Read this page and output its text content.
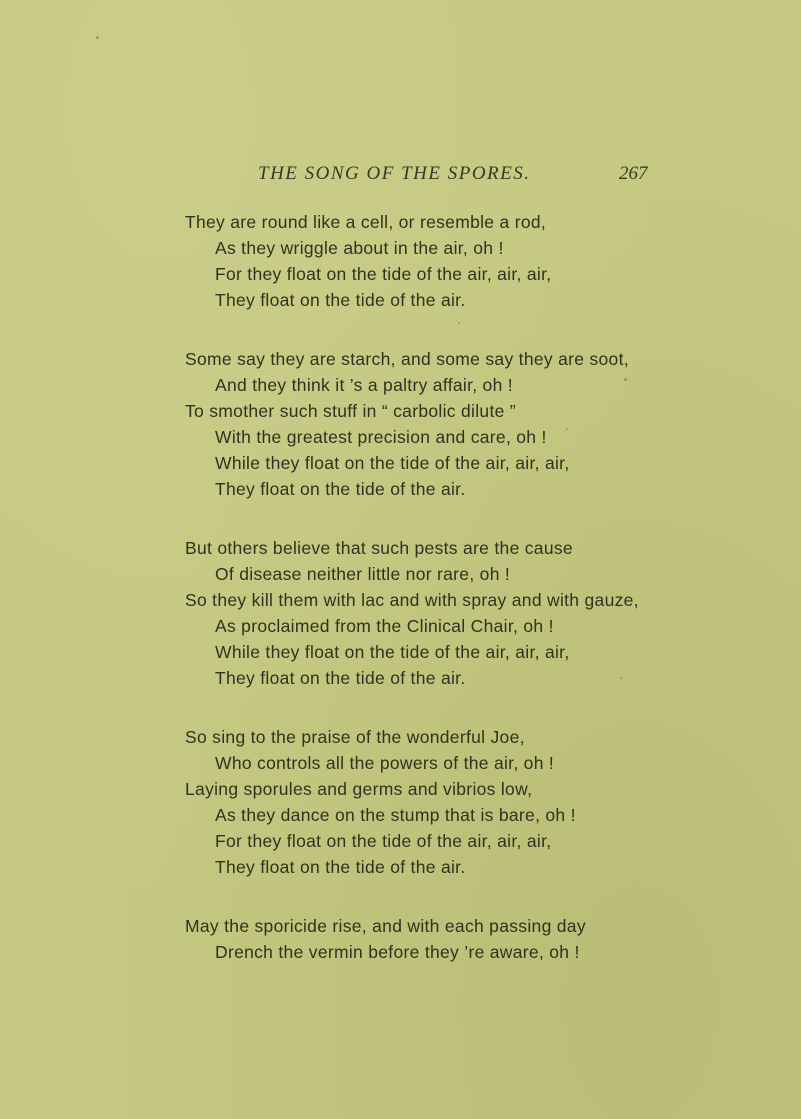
THE SONG OF THE SPORES.	267
They are round like a cell, or resemble a rod,
As they wriggle about in the air, oh !
For they float on the tide of the air, air, air,
They float on the tide of the air.
Some say they are starch, and some say they are soot,
And they think it ’s a paltry affair, oh !
To smother such stuff in “ carbolic dilute ”
With the greatest precision and care, oh !
While they float on the tide of the air, air, air,
They float on the tide of the air.
But others believe that such pests are the cause
Of disease neither little nor rare, oh !
So they kill them with lac and with spray and with gauze,
As proclaimed from the Clinical Chair, oh !
While they float on the tide of the air, air, air,
They float on the tide of the air.
So sing to the praise of the wonderful Joe,
Who controls all the powers of the air, oh !
Laying sporules and germs and vibrios low,
As they dance on the stump that is bare, oh !
For they float on the tide of the air, air, air,
They float on the tide of the air.
May the sporicide rise, and with each passing day
Drench the vermin before they ’re aware, oh !
